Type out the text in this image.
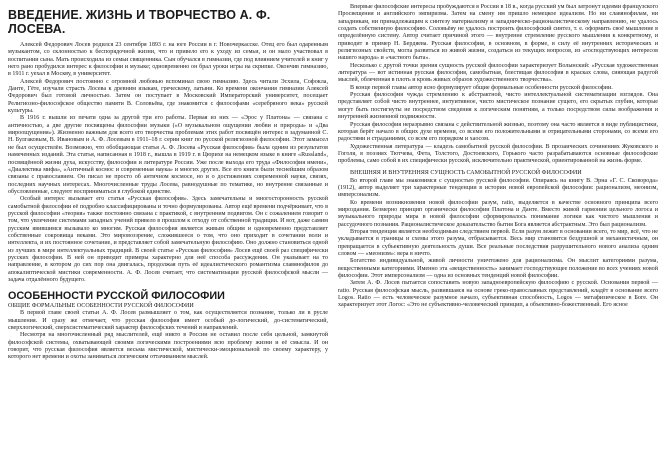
ВВЕДЕНИЕ. ЖИЗНЬ И ТВОРЧЕСТВО А. Ф. ЛОСЕВА.

Алексей Федорович Лосев родился 23 сентября 1893 г. на юге России в г. Новочеркасске. Отец его был одаренным музыкантом, со склонностью к беспорядочной жизни, что и привело его к уходу из семьи, и он мало участвовал в воспитании сына. Мать происходила из семьи священника. Сын обучался в гимназии, где под влиянием учителей и книг у него рано пробудился интерес к философии и музыке; одновременно он брал уроки игры на скрипке. Окончив гимназию, в 1911 г. уехал в Москву, в университет.

Алексей Федорович постоянно с огромной любовью вспоминал свою гимназию. Здесь читали Эсхила, Софокла, Данте, Гёте, изучали страсть Лосева к древним языкам, греческому, латыни. Ко времени окончания гимназии Алексей Федорович был готовой личностью. Затем он поступает в Московский Императорский университет, посещает Религиозно-философское общество памяти В. Соловьёва, где знакомится с философами «серебряного века» русской культуры.

В 1916 г. вышли из печати одна за другой три его работы. Первая из них — «Эрос у Платона» — связана с античностью, а две другие посвящены философии музыки («О музыкальном ощущении любви и природы» и «Два мироощущения»). Жизненно важным для всего его творчества проблемам этих работ посвящён интерес в задуманной С. Н. Булгаковым, В. Ивановым и А. Ф. Лосевым в 1911–18 г. серии книг по русской религиозной философии. Этот замысел не был осуществлён. Возможно, что обобщающая статья А. Ф. Лосева «Русская философия» была одним из результатов намеченных изданий. Эта статья, написанная в 1918 г., вышла в 1919 г. в Цюрихе на немецком языке в книге «Russland», посвящённой жизни духа, искусству, философии и литературе России. Уже после выхода его труда «Философия имени», «Диалектика мифа», «Античный космос и современная наука» и многих других. Все его книги были теснейшим образом связаны с православием. Он писал не просто об античном космосе, но и о достижениях современной науки, связях, последних научных интересах. Многочисленные труды Лосева, равнодушные по тематике, но внутренне связанные и обусловленные, следуют восприниматься в глубокой единстве.

Особый интерес вызывает его статья «Русская философия». Здесь замечательны и многосторонность русской самобытной философии её подробно классифицированы и точно формулированы. Автор ещё времени подчёркивает, что в русской философии «теория» также постоянно связана с практикой, с внутренним подвигом. Он с сожалением говорит о том, что увлечение системами западных учений привело в прошлом к отходу от собственной традиции. И вот, даже самим русским явившимся вызывало ко многим. Русская философия является живым общим и одновременно представляет собственные сокровища веками. Это мировоззрение, сложившееся о том, что оно приходит в сочетании воли и интеллекта, и их постоянное сочетание, и представляет собой замечательную философию. Оно должно становиться одной из лучших в мире интеллектуальных традиций. В своей статье «Русская философия» Лосев ещё своей раз специфически русских философии. В ней он приводит примеры характерно для неё способа рассуждения. Он указывает на то направление, в котором до сих пор она двигалась, продолжая путь её идеалистического романтизма славянофилов до апокалиптической мистики современности. А. Ф. Лосев считает, что систематизации русской философской мысли — задача отдалённого будущего.

ОСОБЕННОСТИ РУССКОЙ ФИЛОСОФИИ
ОБЩИЕ ФОРМАЛЬНЫЕ ОСОБЕННОСТИ РУССКОЙ ФИЛОСОФИИ

В первой главе своей статьи А. Ф. Лосев размышляет о том, как осуществляется познание, только ли в русле мышления. И сразу же отмечает, что русская философия имеет особый до-логический, до-систематический, сверхлогический, сверхсистематический характер философских течений и направлений.

Несмотря на многочисленный ряд мыслителей, ещё никто в России не оставил после себя цельной, замкнутой философской системы, охватывающей своими логическими построениями всю проблему жизни и её смысла. И он говорит, что русская философия является весьма мистической, мистически-эмоциональной по своему характеру, у которого нет времени и охоты заниматься логическим оттачиванием мыслей.

Впервые философские интересы пробуждаются в России в 18 в., когда русский ум был затронут идеями французского Просвещения и английского эмпиризма. Затем на смену им пришло немецкое идеализм. Но ни славянофилам, ни западникам, ни принадлежащим к синтезу материализму и западническо-рационалистическому направлению, не удалось создать собственную философию. Соловьёву не удалось построить философский синтез, т. е. оформить своё мышление в определённую систему. Автор считает причиной этого — внутренне стремление русского мышления к конкретному, и приводит в пример Н. Бердяева. Русская философия, в основном, в форме, в силу её внутренних исторических и религиозных свойств, могла развиться из живой жизни, создаться из текущих вопросов, из «господствующих интересов нашего народа» и «частного быта».

Несколько с другой точки зрения сущность русской философии характеризует Волынский: «Русская художественная литература — вот истинная русская философия, самобытная, блестящая философия в красках слова, сияющая радугой мыслей, облеченная в плоть и кровь живых образов художественного творчества».

В конце первой главы автор ясно формулирует общие формальные особенности русской философии.

Русская философия чужда стремлению к абстрактной, чисто интеллектуальной систематизации взглядов. Она представляет собой чисто внутреннее, интуитивное, чисто мистическое познание сущего, его скрытых глубин, которые могут быть постигнуты не посредством сведения к логическим понятиям, а только посредством силы воображения и внутренней жизненной подвижности.

Русская философия неразрывно связана с действительной жизнью, поэтому она часто является в виде публицистики, которая берёт начало в общих духе времени, со всеми его положительными и отрицательными сторонами, со всеми его радостями и страданиями, со всем его порядком и хаосом.

Художественная литература — кладезь самобытной русской философии. В прозаических сочинениях Жуковского и Гоголя, в поэзиях Тютчева, Фета, Толстого, Достоевского, Горького часто разрабатываются основные философские проблемы, само собой в их специфически русской, исключительно практической, ориентированной на жизнь форме.

ВНЕШНЯЯ И ВНУТРЕННЯЯ СУЩНОСТЬ САМОБЫТНОЙ РУССКОЙ ФИЛОСОФИИ

Во второй главе мы знакомимся с сущностью русской философии. Опираясь на книгу В. Эрна «Г. С. Сковорода» (1912), автор выделяет три характерные тенденции в истории новой европейской философии: рационализм, меонизм, имперсонализм.

Ко времени возникновения новой философии разум, ratio, выделяется в качестве основного принципа всего мироздания. Безмерно принцип органически философии Платона и Данте. Вместо живой гармонии цельного логоса и музыкального природы мира в новой философии сформировалось понимание логики как чистого мышления и рассудочного познания. Рационалистическое доказательство бытия Бога является абстрактным. Это был рационализм.

Вторая тенденция является необходимым следствием первой. Если разум лежит в основании всего, то мир, всё, что не укладывается в границы и схемы этого разума, отбрасывается. Весь мир становится бездушной и механистичным, он превращается в субъективную деятельность души. Все реальные последствия разрушительного нового анализа одним словом — «меонизм»: вера в ничто.

Богатство индивидуальной, живой личности уничтожено для рационализма. Он мыслит категориями разума, вещественными категориями. Именно эта «вещественность» занимает господствующее положение во всех учениях новой философии. Этот имперсонализм — одна из основных тенденций новой философии.

Затем А. Ф. Лосев пытается сопоставить новую западноевропейскую философию с русской. Основания первой — ratio. Русская философская мысль, развившаяся на основе греко-православных представлений, кладёт в основание всего Logos. Ratio — есть человеческое разумное начало, субъективная способность, Logos — метафизическое в Боге. Он характеризует этот Логос: «Это не субъективно-человеческий принцип, а объективно-божественный. Его ясное
